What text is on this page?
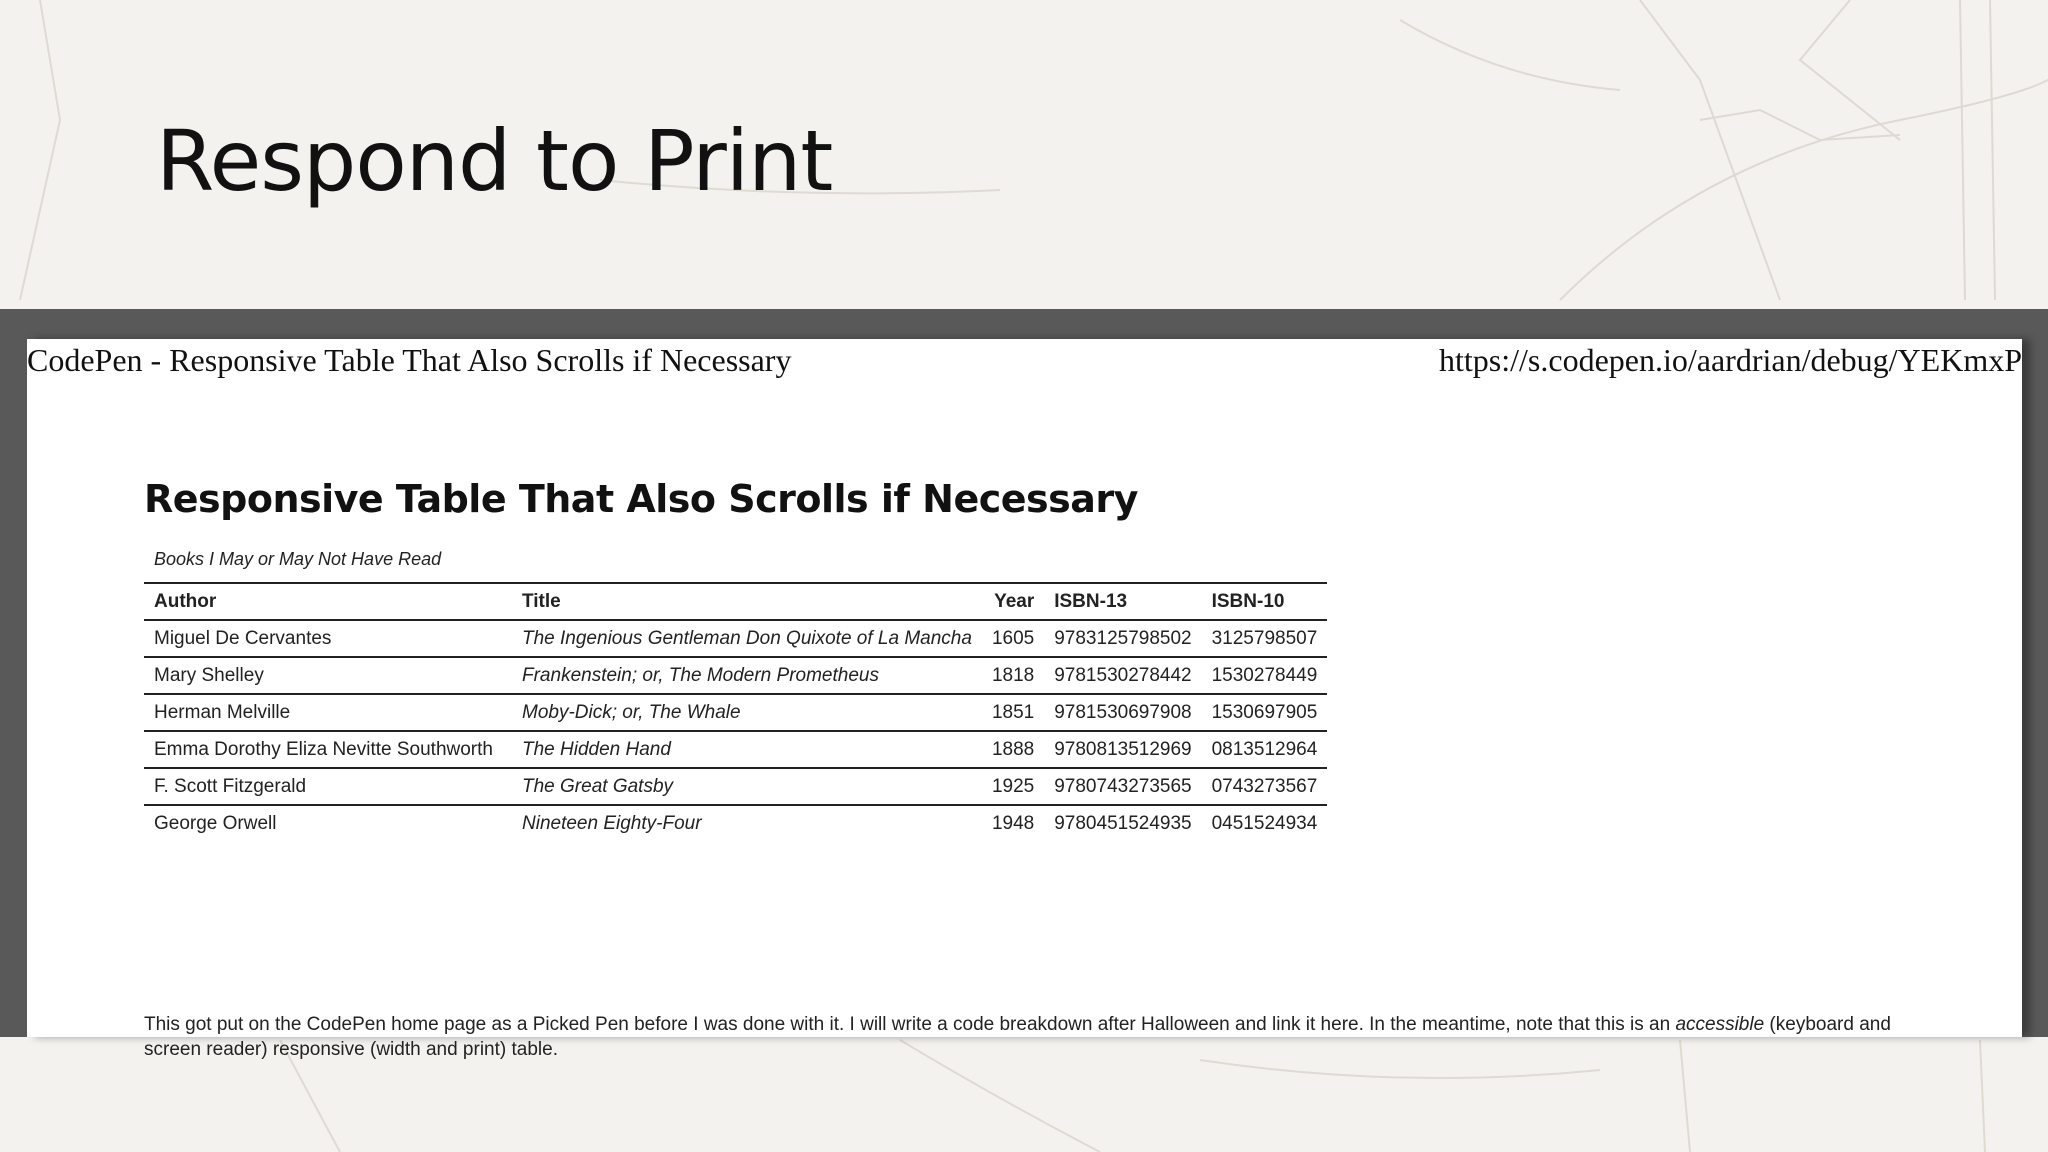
Respond to Print
CodePen - Responsive Table That Also Scrolls if Necessary	https://s.codepen.io/aardrian/debug/YEKmxP
Responsive Table That Also Scrolls if Necessary
Books I May or May Not Have Read
Author	Title	Year	ISBN-13	ISBN-10
Miguel De Cervantes	The Ingenious Gentleman Don Quixote of La Mancha	1605	9783125798502	3125798507
Mary Shelley	Frankenstein; or, The Modern Prometheus	1818	9781530278442	1530278449
Herman Melville	Moby-Dick; or, The Whale	1851	9781530697908	1530697905
Emma Dorothy Eliza Nevitte Southworth	The Hidden Hand	1888	9780813512969	0813512964
F. Scott Fitzgerald	The Great Gatsby	1925	9780743273565	0743273567
George Orwell	Nineteen Eighty-Four	1948	9780451524935	0451524934

This got put on the CodePen home page as a Picked Pen before I was done with it. I will write a code breakdown after Halloween and link it here. In the meantime, note that this is an accessible (keyboard and screen reader) responsive (width and print) table.
